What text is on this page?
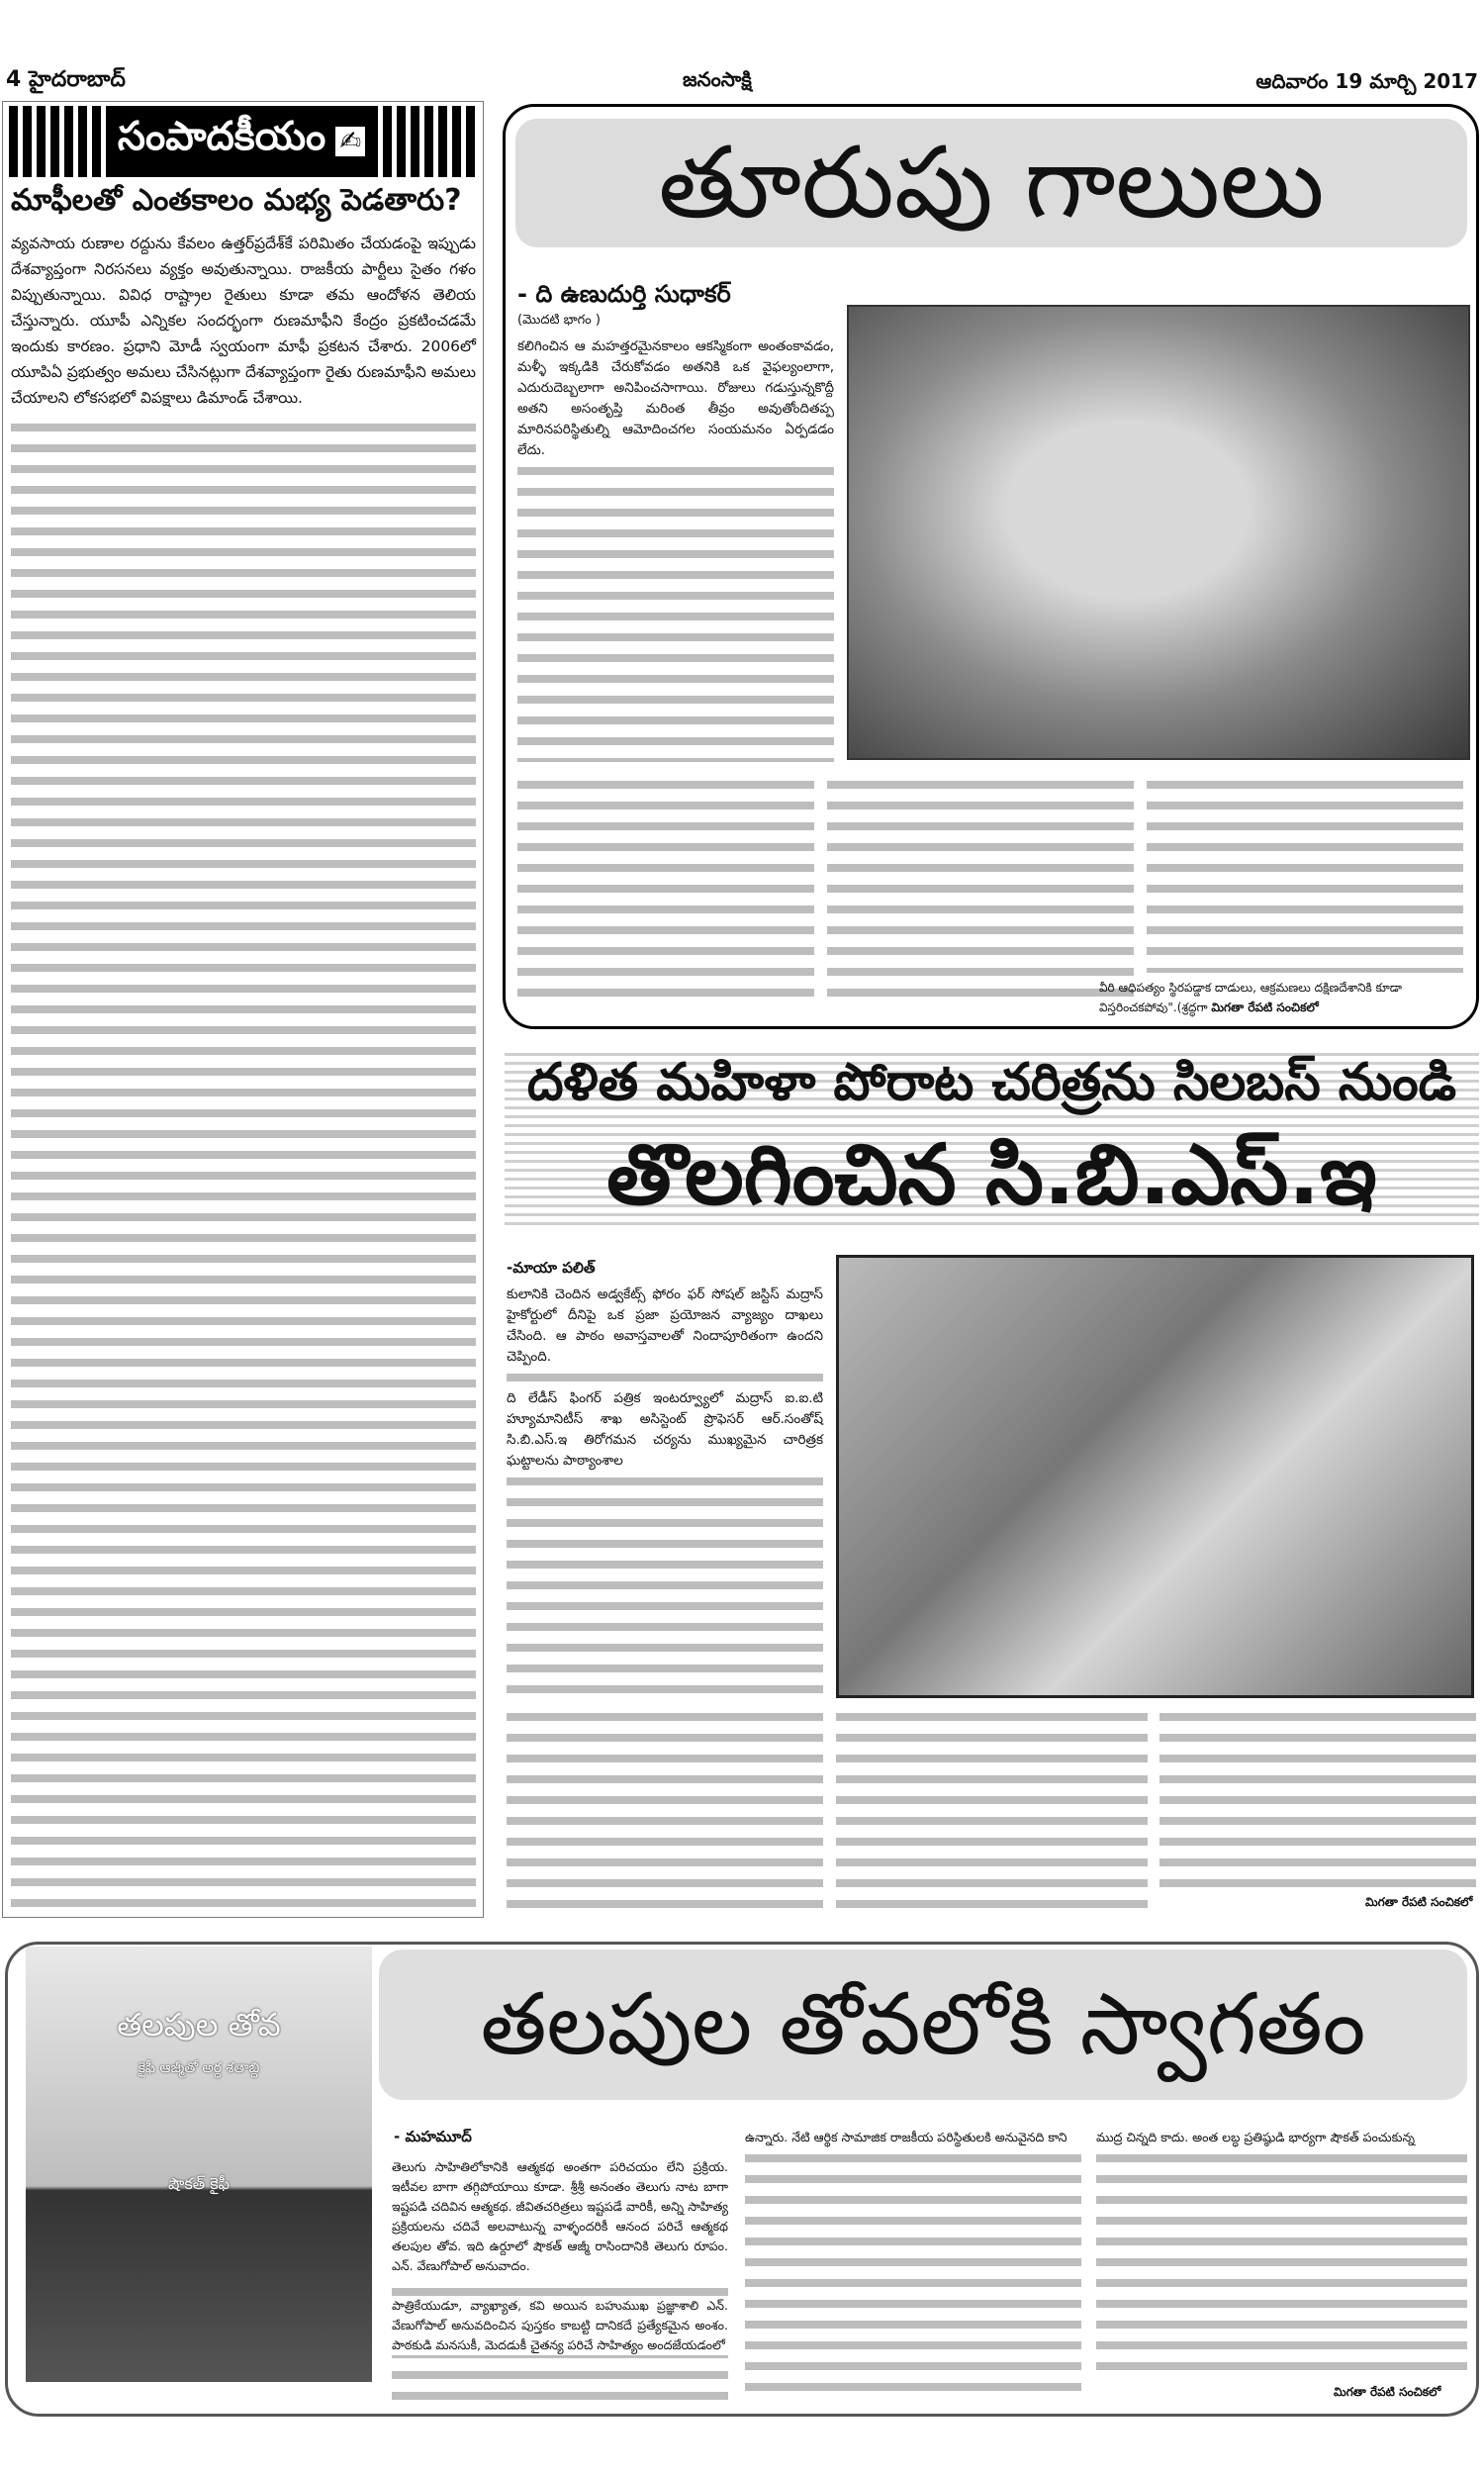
4 హైదరాబాద్	జనంసాక్షి	ఆదివారం 19 మార్చి 2017
సంపాదకీయం ✍
మాఫీలతో ఎంతకాలం మభ్య పెడతారు?

వ్యవసాయ రుణాల రద్దును కేవలం ఉత్తర్‌ప్రదేశ్‌కే పరిమితం చేయడంపై ఇప్పుడు దేశవ్యాప్తంగా నిరసనలు వ్యక్తం అవుతున్నాయి. రాజకీయ పార్టీలు సైతం గళం విప్పుతున్నాయి. వివిధ రాష్ట్రాల రైతులు కూడా తమ ఆందోళన తెలియ చేస్తున్నారు. యూపీ ఎన్నికల సందర్భంగా రుణమాఫీని కేంద్రం ప్రకటించడమే ఇందుకు కారణం. ప్రధాని మోడీ స్వయంగా మాఫీ ప్రకటన చేశారు. 2006లో యూపిఏ ప్రభుత్వం అమలు చేసినట్లుగా దేశవ్యాప్తంగా రైతు రుణమాఫీని అమలు చేయాలని లోకసభలో విపక్షాలు డిమాండ్‌ చేశాయి.

తూరుపు గాలులు
- ది ఉణుదుర్తి సుధాకర్
(మొదటి భాగం )

కలిగించిన ఆ మహత్తరమైనకాలం ఆకస్మికంగా అంతంకావడం, మళ్ళీ ఇక్కడికి చేరుకోవడం అతనికి ఒక వైఫల్యంలాగా, ఎదురుదెబ్బలాగా అనిపించసాగాయి. రోజులు గడుస్తున్నకొద్దీ అతని అసంతృప్తి మరింత తీవ్రం అవుతోందితప్ప మారినపరిస్థితుల్ని ఆమోదించగల సంయమనం ఏర్పడడం లేదు.

వీరి ఆధిపత్యం స్థిరపడ్డాక దాడులు, ఆక్రమణలు దక్షిణదేశానికి కూడా విస్తరించకపోవు".(శ్రద్ధగా మిగతా రేపటి సంచికలో
దళిత మహిళా పోరాట చరిత్రను సిలబస్‌ నుండి
తొలగించిన సి.బి.ఎస్‌.ఇ
-మాయా పలిత్

కులానికి చెందిన అడ్వకేట్స్‌ ఫోరం ఫర్‌ సోషల్‌ జస్టిస్‌ మద్రాస్‌ హైకోర్టులో దీనిపై ఒక ప్రజా ప్రయోజన వ్యాజ్యం దాఖలు చేసింది. ఆ పాఠం అవాస్తవాలతో నిందాపూరితంగా ఉందని చెప్పింది.

ది లేడీస్‌ ఫింగర్‌ పత్రిక ఇంటర్వ్యూలో మద్రాస్‌ ఐ.ఐ.టి హ్యూమానిటీస్‌ శాఖ అసిస్టెంట్‌ ప్రొఫెసర్‌ ఆర్‌.సంతోష్‌ సి.బి.ఎస్‌.ఇ తిరోగమన చర్యను ముఖ్యమైన చారిత్రక ఘట్టాలను పాఠ్యాంశాల

మిగతా రేపటి సంచికలో
తలపుల తోవ
కైఫీ ఆజ్మీతో అర్ధ శతాబ్ది
షౌకత్‌ కైఫీ
తలపుల తోవలోకి స్వాగతం
- మహమూద్

తెలుగు సాహితిలోకానికి ఆత్మకథ అంతగా పరిచయం లేని ప్రక్రియ. ఇటీవల బాగా తగ్గిపోయాయి కూడా. శ్రీశ్రీ అనంతం తెలుగు నాట బాగా ఇష్టపడి చదివిన ఆత్మకథ. జీవితచరిత్రలు ఇష్టపడే వారికీ, అన్ని సాహిత్య ప్రక్రియలను చదివే అలవాటున్న వాళ్ళందరికీ ఆనంద పరిచే ఆత్మకథ తలపుల తోవ. ఇది ఉర్దూలో షౌకత్‌ ఆజ్మీ రాసిందానికి తెలుగు రూపం. ఎన్‌. వేణుగోపాల్‌ అనువాదం.

పాత్రికేయుడూ, వ్యాఖ్యాత, కవి అయిన బహుముఖ ప్రజ్ఞాశాలి ఎన్‌. వేణుగోపాల్‌ అనువదించిన పుస్తకం కాబట్టి దానికదే ప్రత్యేకమైన అంశం. పాఠకుడి మనసుకీ, మెదడుకీ చైతన్య పరిచే సాహిత్యం అందజేయడంలో

ఉన్నారు. నేటి ఆర్థిక సామాజిక రాజకీయ పరిస్థితులకి అనువైనది కాని	ముద్ర చిన్నది కాదు. అంత లబ్ధ ప్రతిష్ఠుడి భార్యగా షౌకత్‌ పంచుకున్న

మిగతా రేపటి సంచికలో
